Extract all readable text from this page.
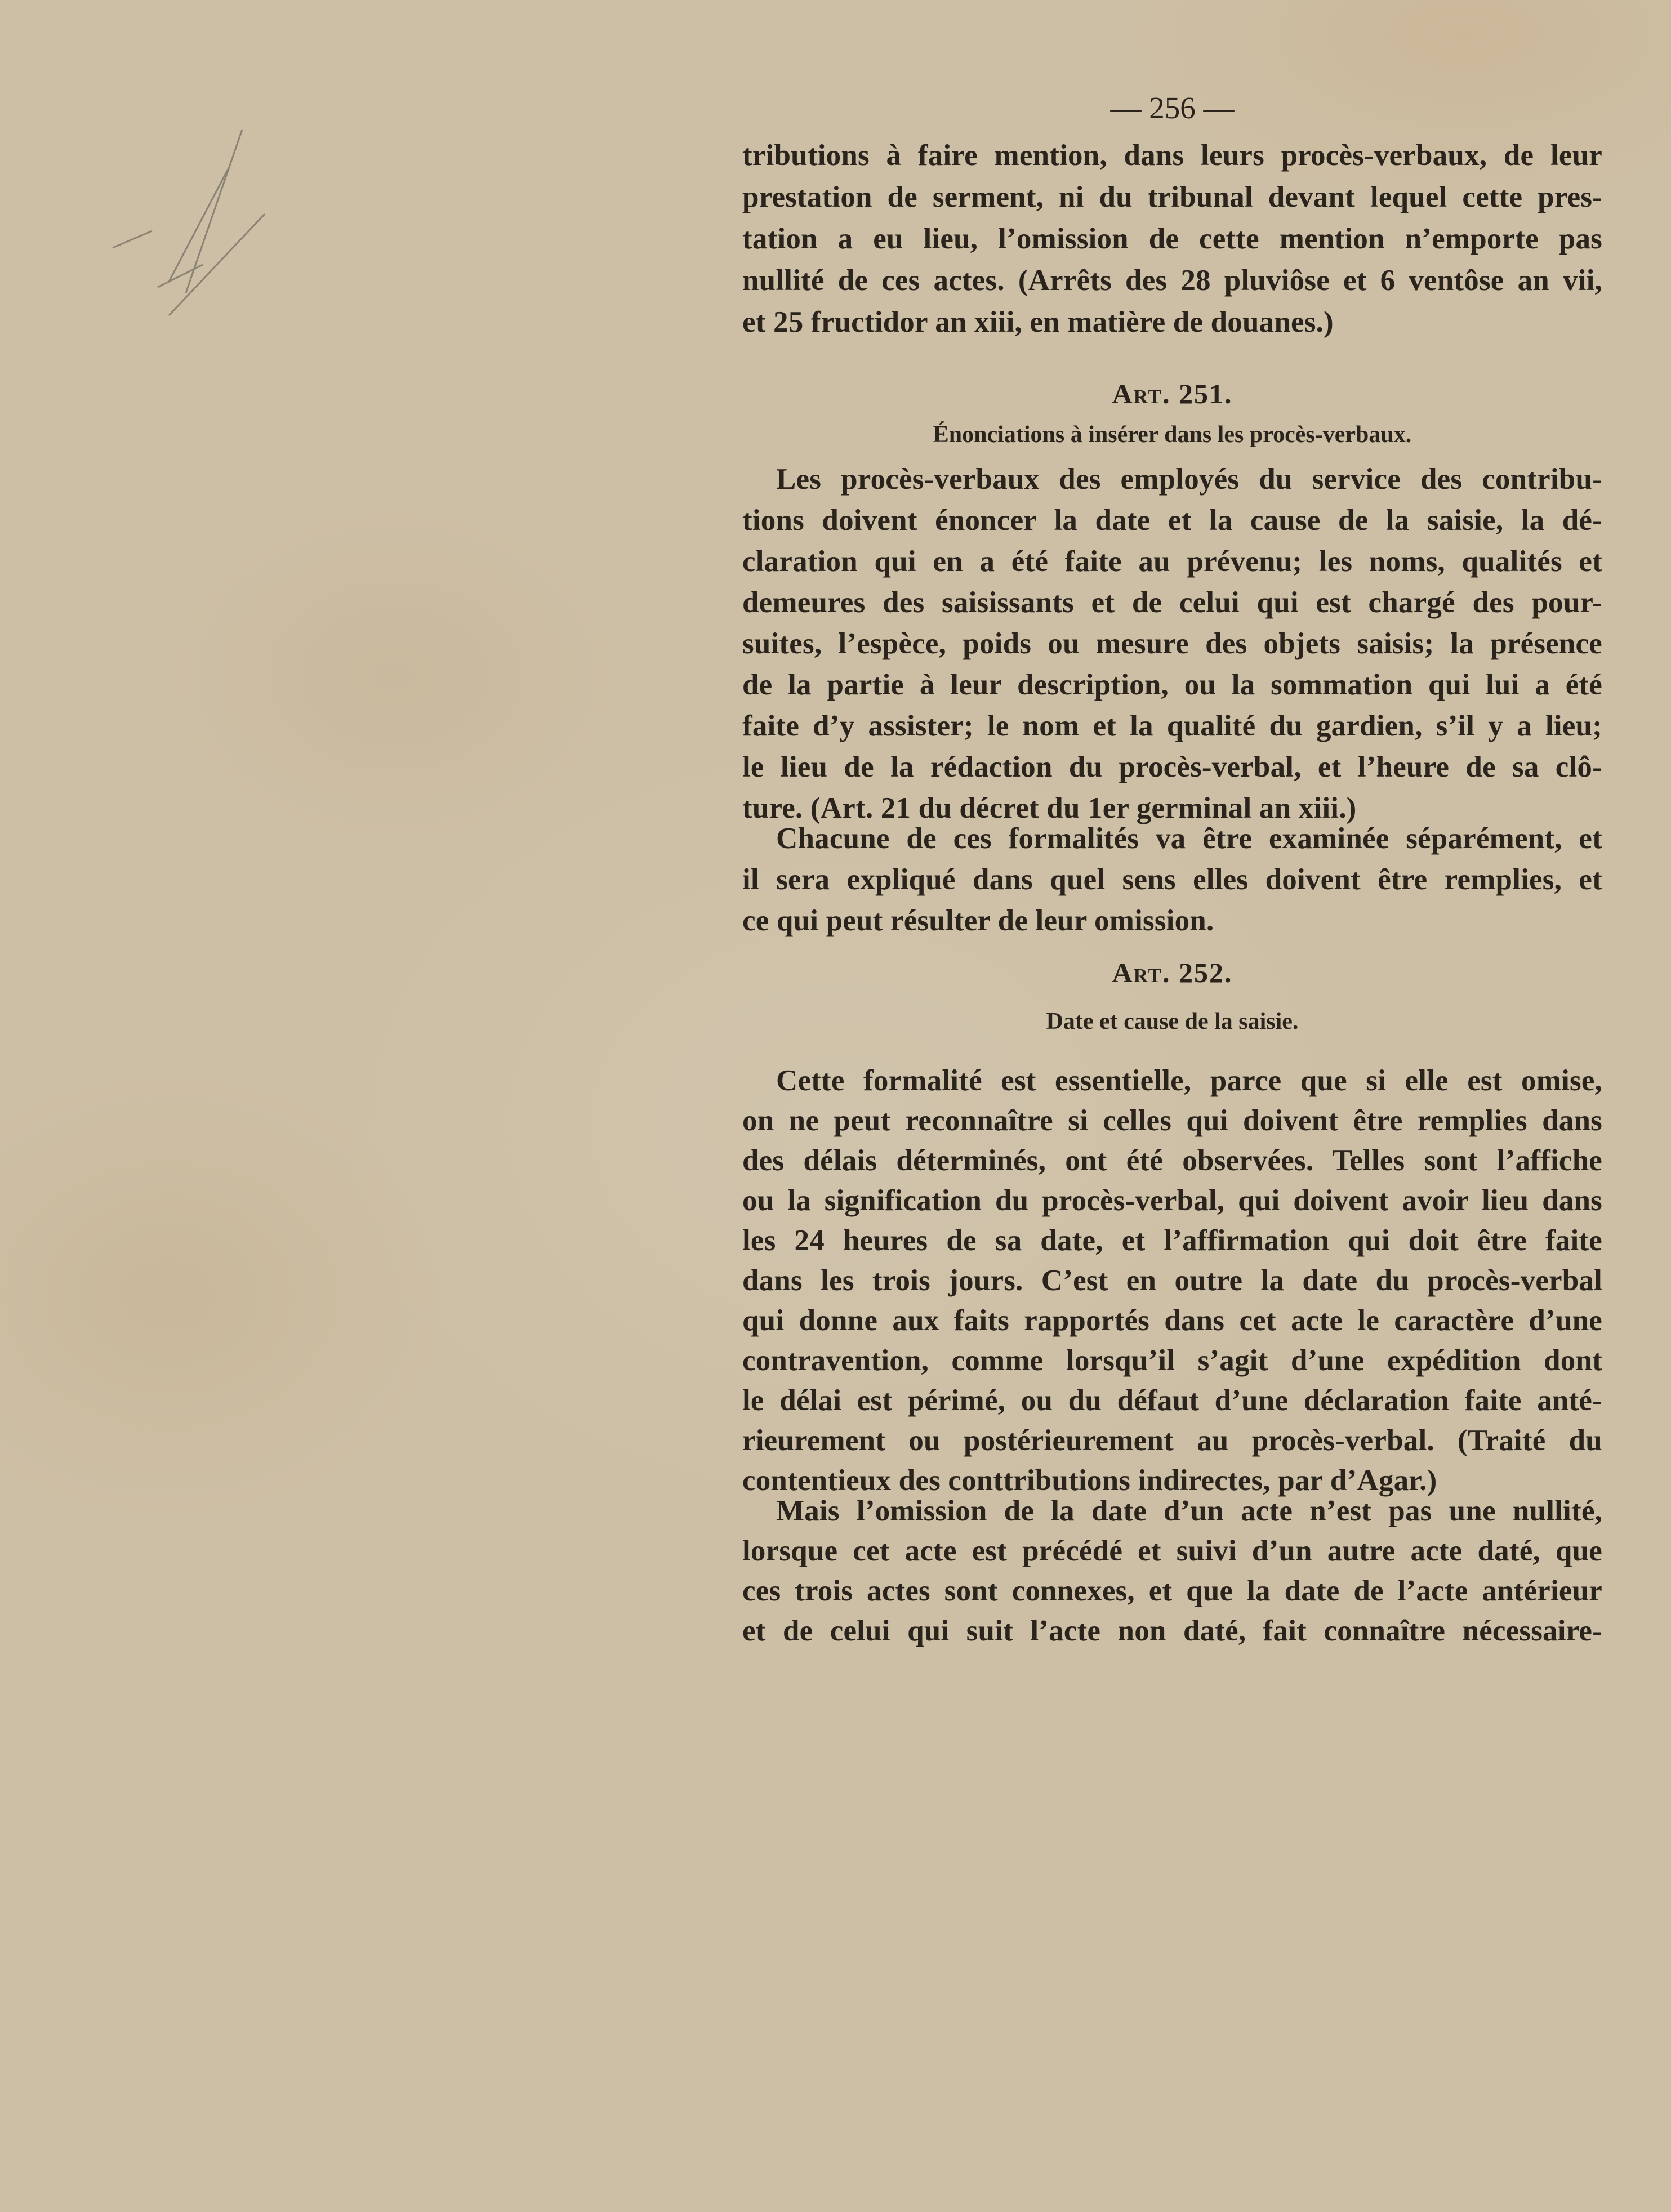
— 256 —
tributions à faire mention, dans leurs procès-verbaux, de leur
prestation de serment, ni du tribunal devant lequel cette pres-
tation a eu lieu, l’omission de cette mention n’emporte pas
nullité de ces actes. (Arrêts des 28 pluviôse et 6 ventôse an vii,
et 25 fructidor an xiii, en matière de douanes.)
Art. 251.
Énonciations à insérer dans les procès-verbaux.
Les procès-verbaux des employés du service des contribu-
tions doivent énoncer la date et la cause de la saisie, la dé-
claration qui en a été faite au prévenu; les noms, qualités et
demeures des saisissants et de celui qui est chargé des pour-
suites, l’espèce, poids ou mesure des objets saisis; la présence
de la partie à leur description, ou la sommation qui lui a été
faite d’y assister; le nom et la qualité du gardien, s’il y a lieu;
le lieu de la rédaction du procès-verbal, et l’heure de sa clô-
ture. (Art. 21 du décret du 1er germinal an xiii.)
Chacune de ces formalités va être examinée séparément, et
il sera expliqué dans quel sens elles doivent être remplies, et
ce qui peut résulter de leur omission.
Art. 252.
Date et cause de la saisie.
Cette formalité est essentielle, parce que si elle est omise,
on ne peut reconnaître si celles qui doivent être remplies dans
des délais déterminés, ont été observées. Telles sont l’affiche
ou la signification du procès-verbal, qui doivent avoir lieu dans
les 24 heures de sa date, et l’affirmation qui doit être faite
dans les trois jours. C’est en outre la date du procès-verbal
qui donne aux faits rapportés dans cet acte le caractère d’une
contravention, comme lorsqu’il s’agit d’une expédition dont
le délai est périmé, ou du défaut d’une déclaration faite anté-
rieurement ou postérieurement au procès-verbal. (Traité du
contentieux des conttributions indirectes, par d’Agar.)
Mais l’omission de la date d’un acte n’est pas une nullité,
lorsque cet acte est précédé et suivi d’un autre acte daté, que
ces trois actes sont connexes, et que la date de l’acte antérieur
et de celui qui suit l’acte non daté, fait connaître nécessaire-
